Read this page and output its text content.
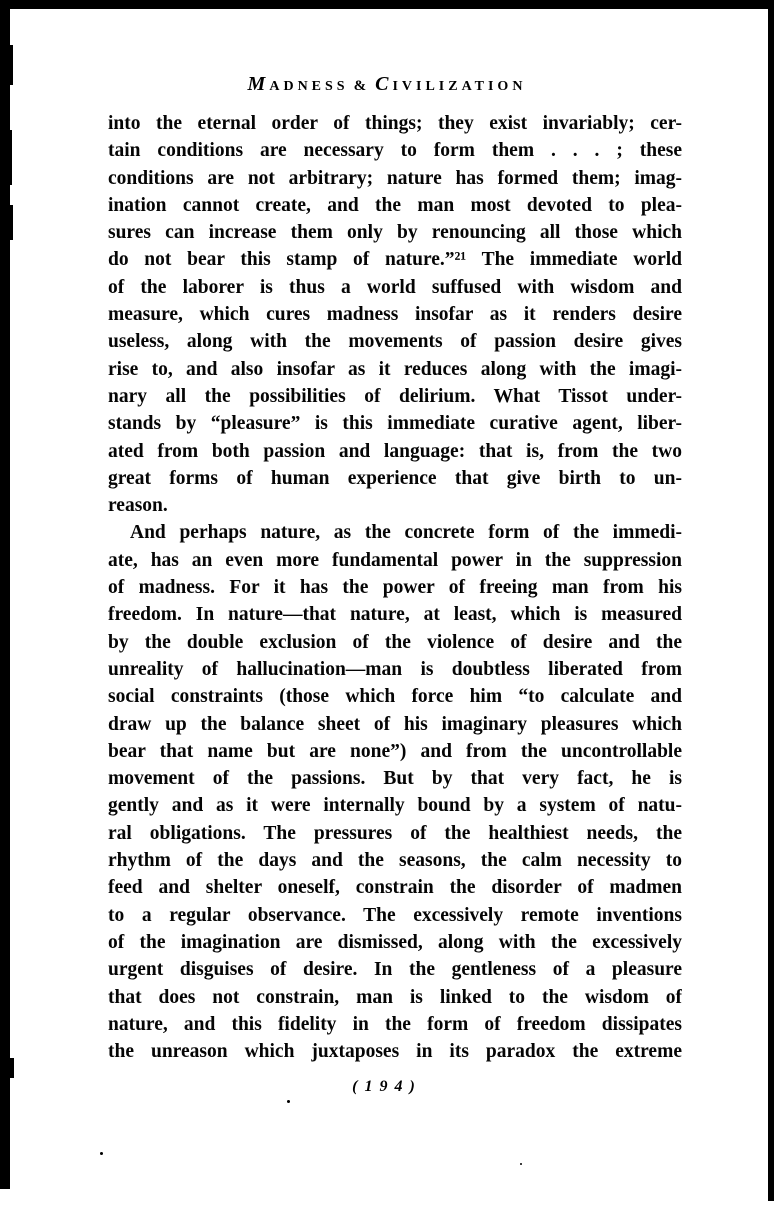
MADNESS & CIVILIZATION
into the eternal order of things; they exist invariably; cer-
tain conditions are necessary to form them . . . ; these
conditions are not arbitrary; nature has formed them; imag-
ination cannot create, and the man most devoted to plea-
sures can increase them only by renouncing all those which
do not bear this stamp of nature.”²¹ The immediate world
of the laborer is thus a world suffused with wisdom and
measure, which cures madness insofar as it renders desire
useless, along with the movements of passion desire gives
rise to, and also insofar as it reduces along with the imagi-
nary all the possibilities of delirium. What Tissot under-
stands by “pleasure” is this immediate curative agent, liber-
ated from both passion and language: that is, from the two
great forms of human experience that give birth to un-
reason.
And perhaps nature, as the concrete form of the immedi-
ate, has an even more fundamental power in the suppression
of madness. For it has the power of freeing man from his
freedom. In nature—that nature, at least, which is measured
by the double exclusion of the violence of desire and the
unreality of hallucination—man is doubtless liberated from
social constraints (those which force him “to calculate and
draw up the balance sheet of his imaginary pleasures which
bear that name but are none”) and from the uncontrollable
movement of the passions. But by that very fact, he is
gently and as it were internally bound by a system of natu-
ral obligations. The pressures of the healthiest needs, the
rhythm of the days and the seasons, the calm necessity to
feed and shelter oneself, constrain the disorder of madmen
to a regular observance. The excessively remote inventions
of the imagination are dismissed, along with the excessively
urgent disguises of desire. In the gentleness of a pleasure
that does not constrain, man is linked to the wisdom of
nature, and this fidelity in the form of freedom dissipates
the unreason which juxtaposes in its paradox the extreme
(194)
